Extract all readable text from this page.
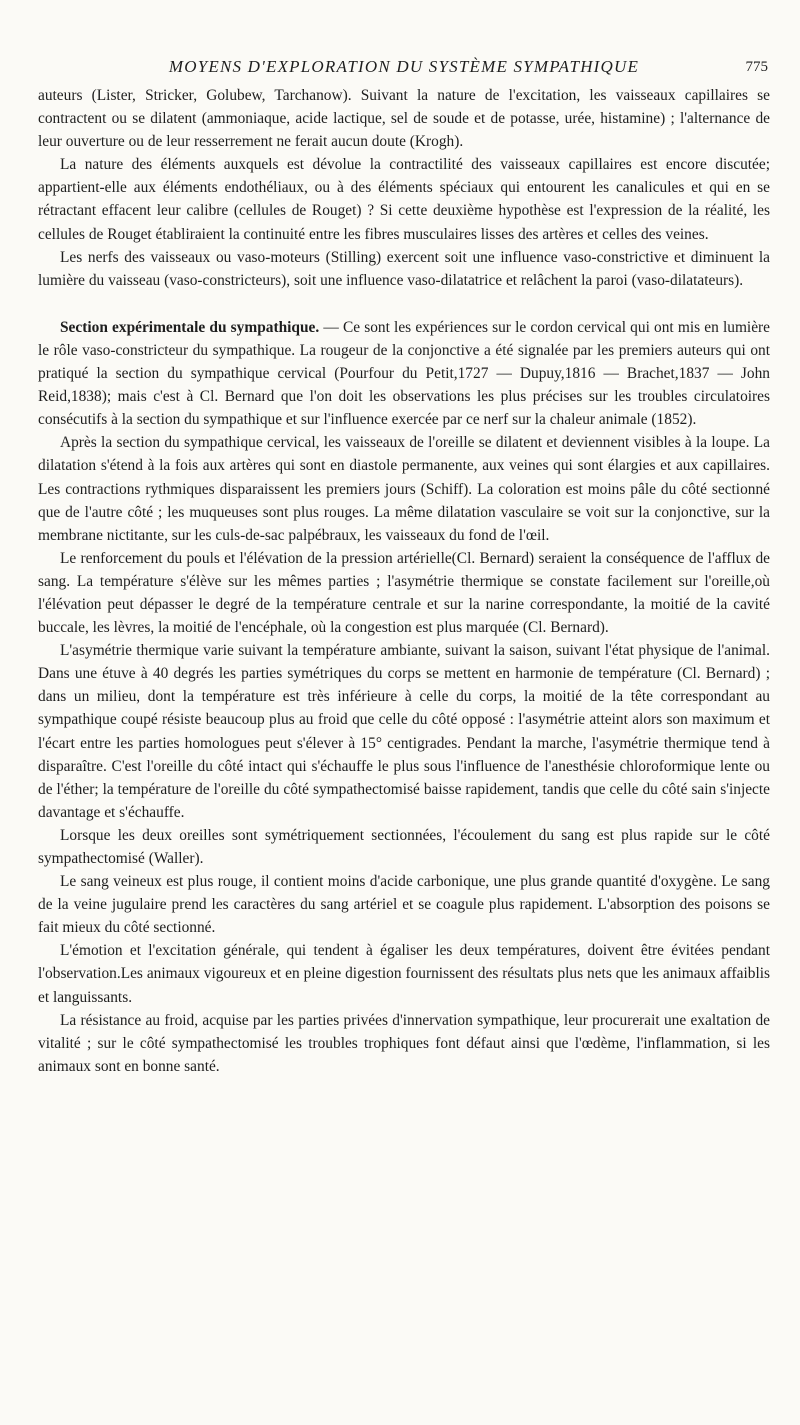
MOYENS D'EXPLORATION DU SYSTÈME SYMPATHIQUE	775

auteurs (Lister, Stricker, Golubew, Tarchanow). Suivant la nature de l'excitation, les vaisseaux capillaires se contractent ou se dilatent (ammoniaque, acide lactique, sel de soude et de potasse, urée, histamine) ; l'alternance de leur ouverture ou de leur resserrement ne ferait aucun doute (Krogh).

La nature des éléments auxquels est dévolue la contractilité des vaisseaux capillaires est encore discutée; appartient-elle aux éléments endothéliaux, ou à des éléments spéciaux qui entourent les canalicules et qui en se rétractant effacent leur calibre (cellules de Rouget) ? Si cette deuxième hypothèse est l'expression de la réalité, les cellules de Rouget établiraient la continuité entre les fibres musculaires lisses des artères et celles des veines.

Les nerfs des vaisseaux ou vaso-moteurs (Stilling) exercent soit une influence vaso-constrictive et diminuent la lumière du vaisseau (vaso-constricteurs), soit une influence vaso-dilatatrice et relâchent la paroi (vaso-dilatateurs).

Section expérimentale du sympathique. — Ce sont les expériences sur le cordon cervical qui ont mis en lumière le rôle vaso-constricteur du sympathique. La rougeur de la conjonctive a été signalée par les premiers auteurs qui ont pratiqué la section du sympathique cervical (Pourfour du Petit,1727 — Dupuy,1816 — Brachet,1837 — John Reid,1838); mais c'est à Cl. Bernard que l'on doit les observations les plus précises sur les troubles circulatoires consécutifs à la section du sympathique et sur l'influence exercée par ce nerf sur la chaleur animale (1852).

Après la section du sympathique cervical, les vaisseaux de l'oreille se dilatent et deviennent visibles à la loupe. La dilatation s'étend à la fois aux artères qui sont en diastole permanente, aux veines qui sont élargies et aux capillaires. Les contractions rythmiques disparaissent les premiers jours (Schiff). La coloration est moins pâle du côté sectionné que de l'autre côté ; les muqueuses sont plus rouges. La même dilatation vasculaire se voit sur la conjonctive, sur la membrane nictitante, sur les culs-de-sac palpébraux, les vaisseaux du fond de l'œil.

Le renforcement du pouls et l'élévation de la pression artérielle(Cl. Bernard) seraient la conséquence de l'afflux de sang. La température s'élève sur les mêmes parties ; l'asymétrie thermique se constate facilement sur l'oreille,où l'élévation peut dépasser le degré de la température centrale et sur la narine correspondante, la moitié de la cavité buccale, les lèvres, la moitié de l'encéphale, où la congestion est plus marquée (Cl. Bernard).

L'asymétrie thermique varie suivant la température ambiante, suivant la saison, suivant l'état physique de l'animal. Dans une étuve à 40 degrés les parties symétriques du corps se mettent en harmonie de température (Cl. Bernard) ; dans un milieu, dont la température est très inférieure à celle du corps, la moitié de la tête correspondant au sympathique coupé résiste beaucoup plus au froid que celle du côté opposé : l'asymétrie atteint alors son maximum et l'écart entre les parties homologues peut s'élever à 15° centigrades. Pendant la marche, l'asymétrie thermique tend à disparaître. C'est l'oreille du côté intact qui s'échauffe le plus sous l'influence de l'anesthésie chloroformique lente ou de l'éther; la température de l'oreille du côté sympathectomisé baisse rapidement, tandis que celle du côté sain s'injecte davantage et s'échauffe.

Lorsque les deux oreilles sont symétriquement sectionnées, l'écoulement du sang est plus rapide sur le côté sympathectomisé (Waller).

Le sang veineux est plus rouge, il contient moins d'acide carbonique, une plus grande quantité d'oxygène. Le sang de la veine jugulaire prend les caractères du sang artériel et se coagule plus rapidement. L'absorption des poisons se fait mieux du côté sectionné.

L'émotion et l'excitation générale, qui tendent à égaliser les deux températures, doivent être évitées pendant l'observation.Les animaux vigoureux et en pleine digestion fournissent des résultats plus nets que les animaux affaiblis et languissants.

La résistance au froid, acquise par les parties privées d'innervation sympathique, leur procurerait une exaltation de vitalité ; sur le côté sympathectomisé les troubles trophiques font défaut ainsi que l'œdème, l'inflammation, si les animaux sont en bonne santé.
